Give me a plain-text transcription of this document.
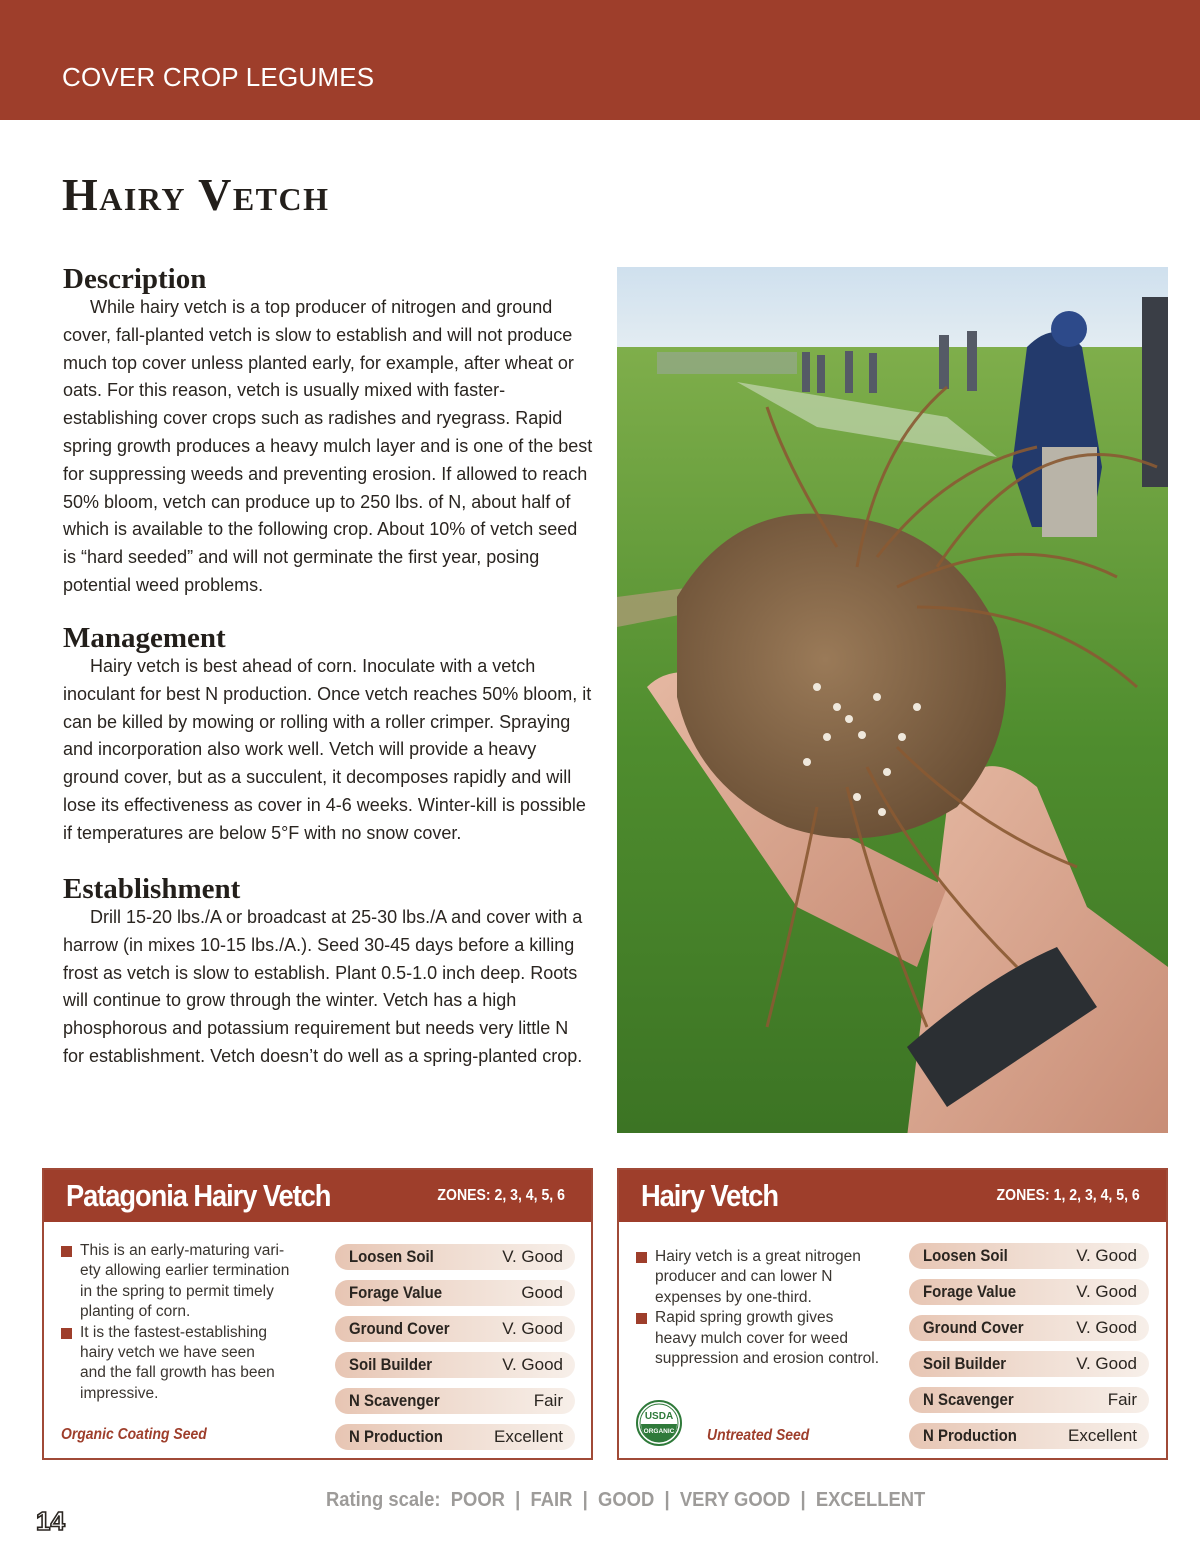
COVER CROP LEGUMES
Hairy Vetch
Description

While hairy vetch is a top producer of nitrogen and ground cover, fall-planted vetch is slow to establish and will not produce much top cover unless planted early, for example, after wheat or oats. For this reason, vetch is usually mixed with faster-establishing cover crops such as radishes and ryegrass. Rapid spring growth produces a heavy mulch layer and is one of the best for suppressing weeds and preventing erosion. If allowed to reach 50% bloom, vetch can produce up to 250 lbs. of N, about half of which is available to the following crop. About 10% of vetch seed is “hard seeded” and will not germinate the first year, posing potential weed problems.

Management

Hairy vetch is best ahead of corn. Inoculate with a vetch inoculant for best N production. Once vetch reaches 50% bloom, it can be killed by mowing or rolling with a roller crimper. Spraying and incorporation also work well. Vetch will provide a heavy ground cover, but as a succulent, it decomposes rapidly and will lose its effectiveness as cover in 4-6 weeks. Winter-kill is possible if temperatures are below 5°F with no snow cover.

Establishment

Drill 15-20 lbs./A or broadcast at 25-30 lbs./A and cover with a harrow (in mixes 10-15 lbs./A.). Seed 30-45 days before a killing frost as vetch is slow to establish. Plant 0.5-1.0 inch deep. Roots will continue to grow through the winter. Vetch has a high phosphorous and potassium requirement but needs very little N for establishment. Vetch doesn’t do well as a spring-planted crop.

Patagonia Hairy Vetch	ZONES: 2, 3, 4, 5, 6
This is an early-maturing vari-
ety allowing earlier termination
in the spring to permit timely
planting of corn.
It is the fastest-establishing
hairy vetch we have seen
and the fall growth has been
impressive.
Loosen Soil	V. Good
Forage Value	Good
Ground Cover	V. Good
Soil Builder	V. Good
N Scavenger	Fair
N Production	Excellent
Organic Coating Seed
Hairy Vetch	ZONES: 1, 2, 3, 4, 5, 6
Hairy vetch is a great nitrogen
producer and can lower N
expenses by one-third.
Rapid spring growth gives
heavy mulch cover for weed
suppression and erosion control.
Loosen Soil	V. Good
Forage Value	V. Good
Ground Cover	V. Good
Soil Builder	V. Good
N Scavenger	Fair
N Production	Excellent
USDA
ORGANIC Untreated Seed
Rating scale:  POOR  |  FAIR  |  GOOD  |  VERY GOOD  |  EXCELLENT
14
